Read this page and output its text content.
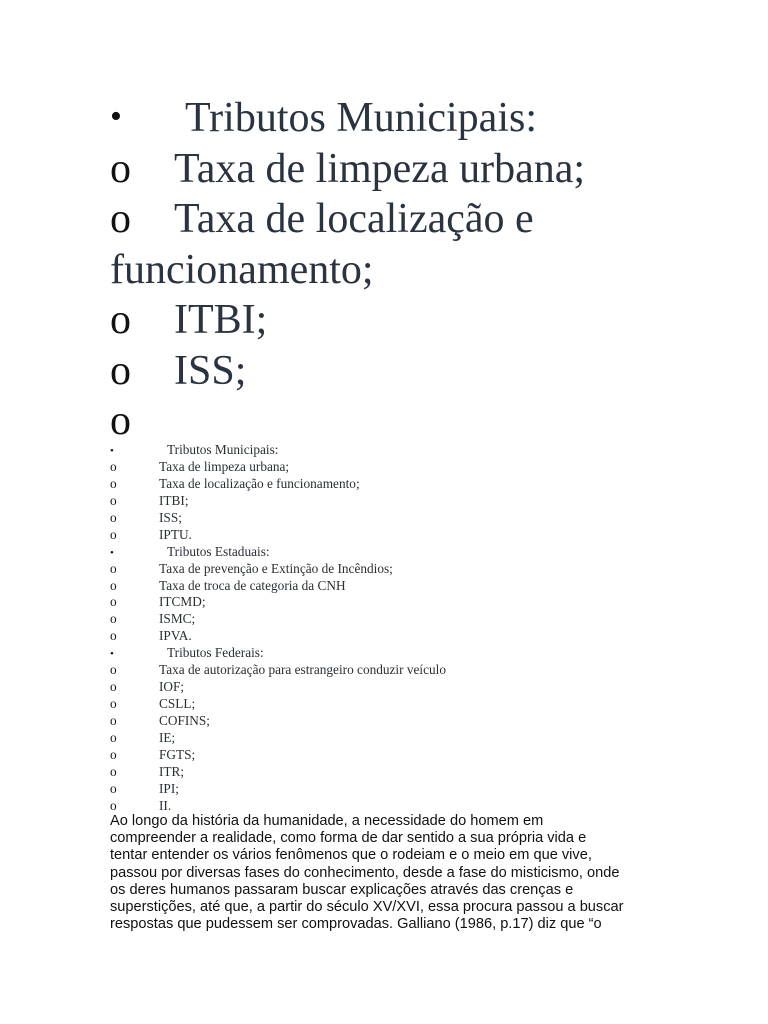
• Tributos Municipais:
o Taxa de limpeza urbana;
o Taxa de localização e funcionamento;
o ITBI;
o ISS;
o
•	Tributos Municipais:
o	Taxa de limpeza urbana;
o	Taxa de localização e funcionamento;
o	ITBI;
o	ISS;
o	IPTU.
•	Tributos Estaduais:
o	Taxa de prevenção e Extinção de Incêndios;
o	Taxa de troca de categoria da CNH
o	ITCMD;
o	ISMC;
o	IPVA.
•	Tributos Federais:
o	Taxa de autorização para estrangeiro conduzir veículo
o	IOF;
o	CSLL;
o	COFINS;
o	IE;
o	FGTS;
o	ITR;
o	IPI;
o	II.
Ao longo da história da humanidade, a necessidade do homem em
compreender a realidade, como forma de dar sentido a sua própria vida e
tentar entender os vários fenômenos que o rodeiam e o meio em que vive,
passou por diversas fases do conhecimento, desde a fase do misticismo, onde
os deres humanos passaram buscar explicações através das crenças e
superstições, até que, a partir do século XV/XVI, essa procura passou a buscar
respostas que pudessem ser comprovadas. Galliano (1986, p.17) diz que “o
